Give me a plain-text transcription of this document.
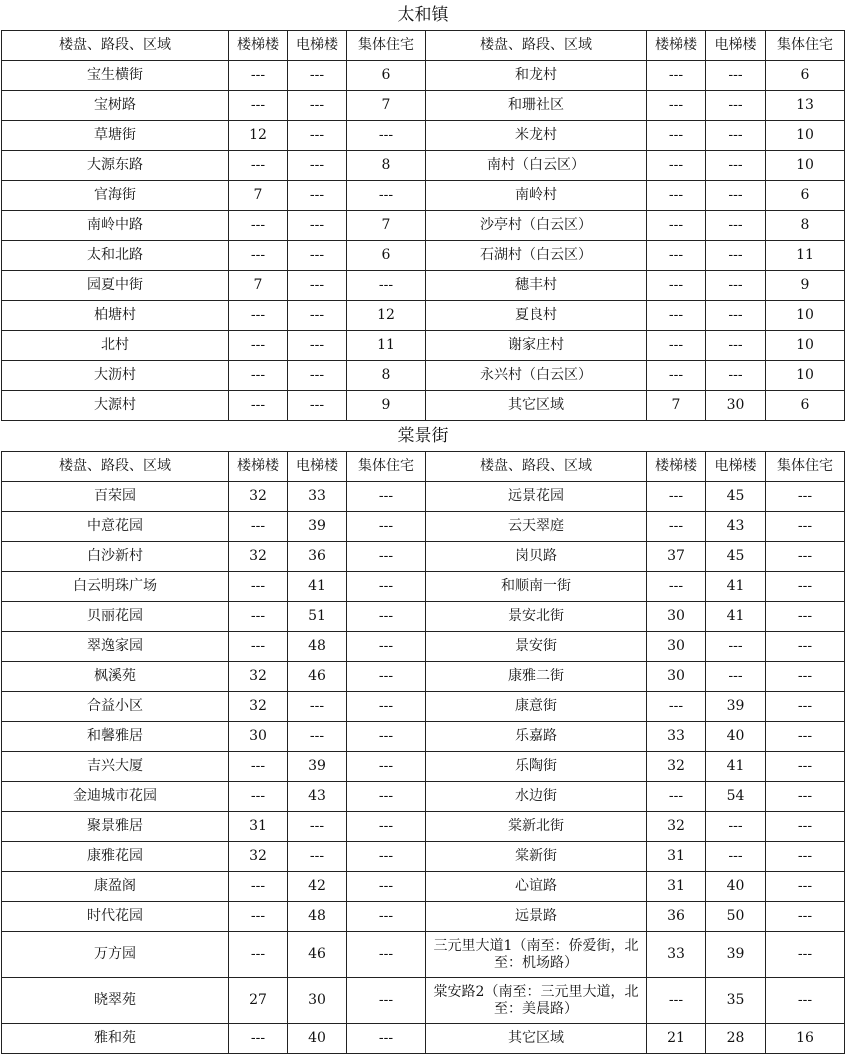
太和镇							
楼盘、路段、区域	楼梯楼	电梯楼	集体住宅	楼盘、路段、区域	楼梯楼	电梯楼	集体住宅
宝生横街	---	---	6	和龙村	---	---	6
宝树路	---	---	7	和珊社区	---	---	13
草塘街	12	---	---	米龙村	---	---	10
大源东路	---	---	8	南村（白云区）	---	---	10
官海街	7	---	---	南岭村	---	---	6
南岭中路	---	---	7	沙亭村（白云区）	---	---	8
太和北路	---	---	6	石湖村（白云区）	---	---	11
园夏中街	7	---	---	穗丰村	---	---	9
柏塘村	---	---	12	夏良村	---	---	10
北村	---	---	11	谢家庄村	---	---	10
大沥村	---	---	8	永兴村（白云区）	---	---	10
大源村	---	---	9	其它区域	7	30	6
棠景街							
楼盘、路段、区域	楼梯楼	电梯楼	集体住宅	楼盘、路段、区域	楼梯楼	电梯楼	集体住宅
百荣园	32	33	---	远景花园	---	45	---
中意花园	---	39	---	云天翠庭	---	43	---
白沙新村	32	36	---	岗贝路	37	45	---
白云明珠广场	---	41	---	和顺南一街	---	41	---
贝丽花园	---	51	---	景安北街	30	41	---
翠逸家园	---	48	---	景安街	30	---	---
枫溪苑	32	46	---	康雅二街	30	---	---
合益小区	32	---	---	康意街	---	39	---
和馨雅居	30	---	---	乐嘉路	33	40	---
吉兴大厦	---	39	---	乐陶街	32	41	---
金迪城市花园	---	43	---	水边街	---	54	---
聚景雅居	31	---	---	棠新北街	32	---	---
康雅花园	32	---	---	棠新街	31	---	---
康盈阁	---	42	---	心谊路	31	40	---
时代花园	---	48	---	远景路	36	50	---
万方园	---	46	---	三元里大道1（南至：侨爱街，北至：机场路）	33	39	---
晓翠苑	27	30	---	棠安路2（南至：三元里大道，北至：美晨路）	---	35	---
雅和苑	---	40	---	其它区域	21	28	16
